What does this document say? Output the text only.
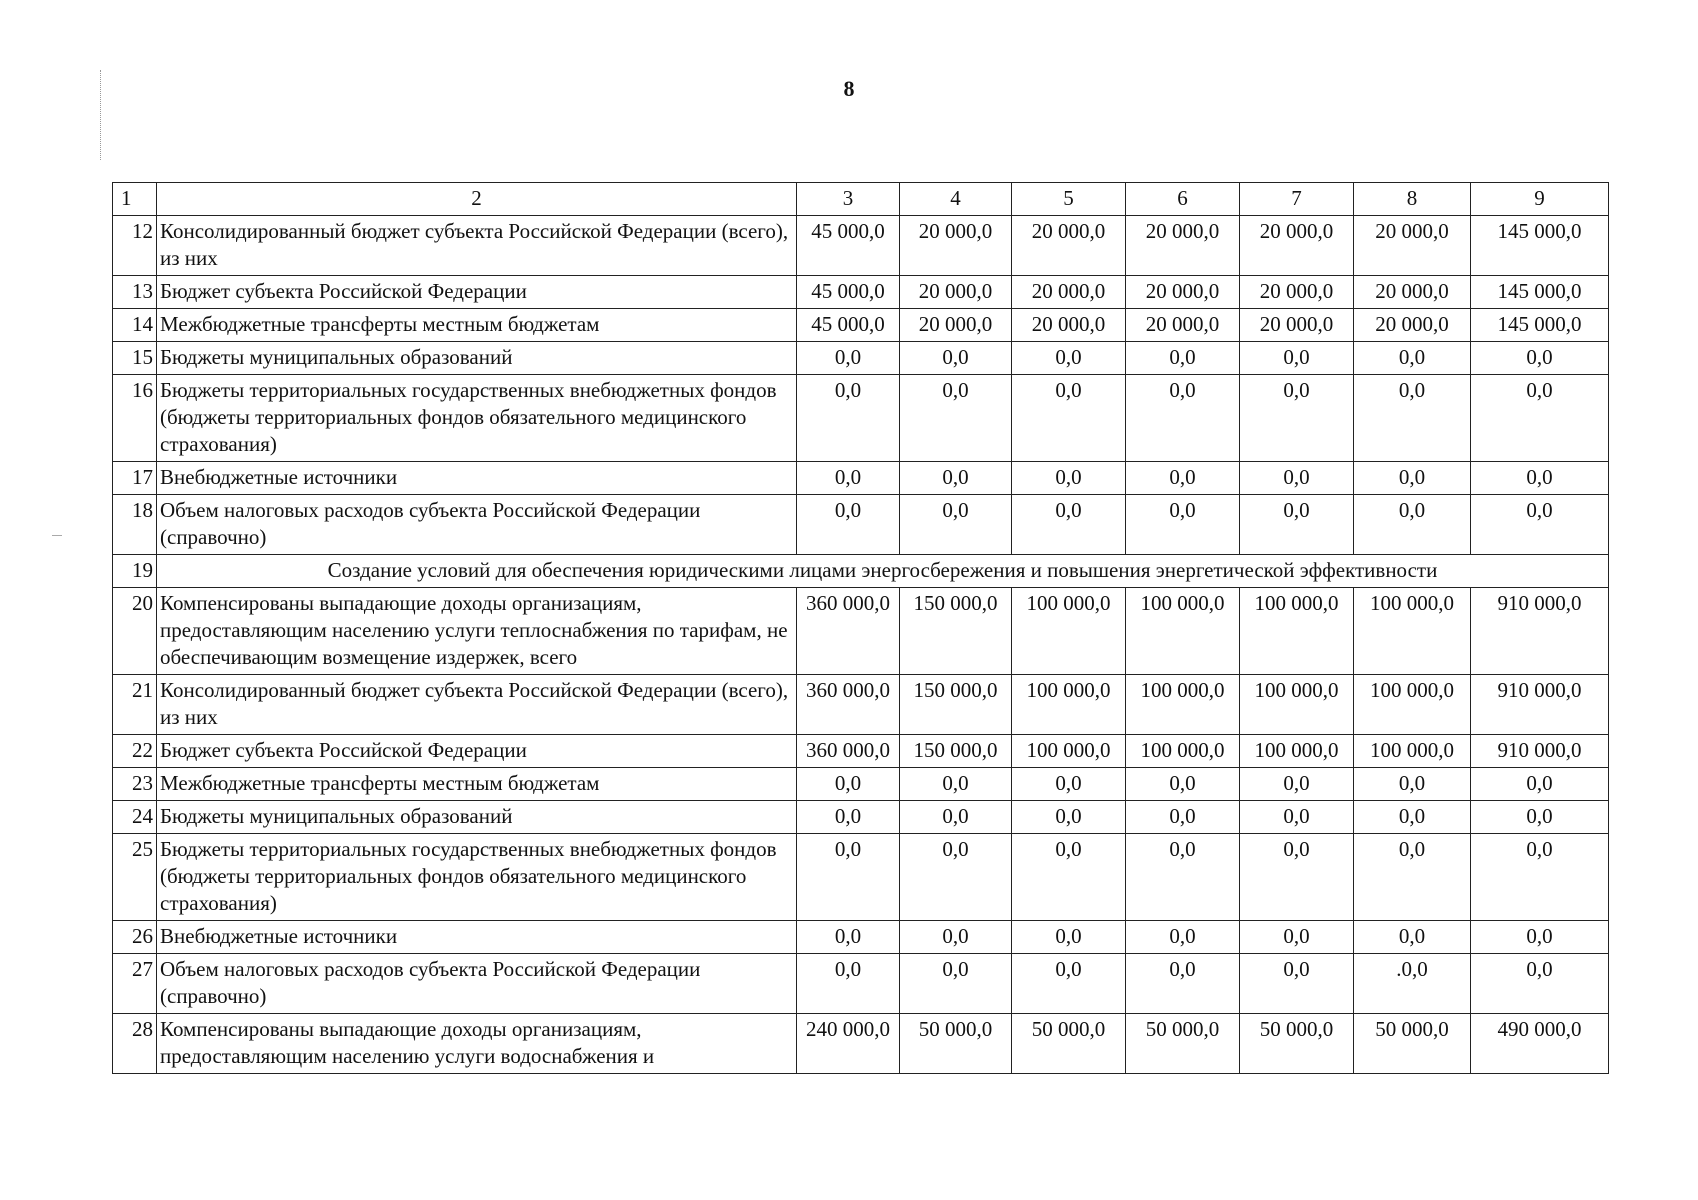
8
1	2	3	4	5	6	7	8	9
12	Консолидированный бюджет субъекта Российской Федерации (всего), из них	45 000,0	20 000,0	20 000,0	20 000,0	20 000,0	20 000,0	145 000,0
13	Бюджет субъекта Российской Федерации	45 000,0	20 000,0	20 000,0	20 000,0	20 000,0	20 000,0	145 000,0
14	Межбюджетные трансферты местным бюджетам	45 000,0	20 000,0	20 000,0	20 000,0	20 000,0	20 000,0	145 000,0
15	Бюджеты муниципальных образований	0,0	0,0	0,0	0,0	0,0	0,0	0,0
16	Бюджеты территориальных государственных внебюджетных фондов (бюджеты территориальных фондов обязательного медицинского страхования)	0,0	0,0	0,0	0,0	0,0	0,0	0,0
17	Внебюджетные источники	0,0	0,0	0,0	0,0	0,0	0,0	0,0
18	Объем налоговых расходов субъекта Российской Федерации (справочно)	0,0	0,0	0,0	0,0	0,0	0,0	0,0
19	Создание условий для обеспечения юридическими лицами энергосбережения и повышения энергетической эффективности							
20	Компенсированы выпадающие доходы организациям, предоставляющим населению услуги теплоснабжения по тарифам, не обеспечивающим возмещение издержек, всего	360 000,0	150 000,0	100 000,0	100 000,0	100 000,0	100 000,0	910 000,0
21	Консолидированный бюджет субъекта Российской Федерации (всего), из них	360 000,0	150 000,0	100 000,0	100 000,0	100 000,0	100 000,0	910 000,0
22	Бюджет субъекта Российской Федерации	360 000,0	150 000,0	100 000,0	100 000,0	100 000,0	100 000,0	910 000,0
23	Межбюджетные трансферты местным бюджетам	0,0	0,0	0,0	0,0	0,0	0,0	0,0
24	Бюджеты муниципальных образований	0,0	0,0	0,0	0,0	0,0	0,0	0,0
25	Бюджеты территориальных государственных внебюджетных фондов (бюджеты территориальных фондов обязательного медицинского страхования)	0,0	0,0	0,0	0,0	0,0	0,0	0,0
26	Внебюджетные источники	0,0	0,0	0,0	0,0	0,0	0,0	0,0
27	Объем налоговых расходов субъекта Российской Федерации (справочно)	0,0	0,0	0,0	0,0	0,0	.0,0	0,0
28	Компенсированы выпадающие доходы организациям, предоставляющим населению услуги водоснабжения и	240 000,0	50 000,0	50 000,0	50 000,0	50 000,0	50 000,0	490 000,0
